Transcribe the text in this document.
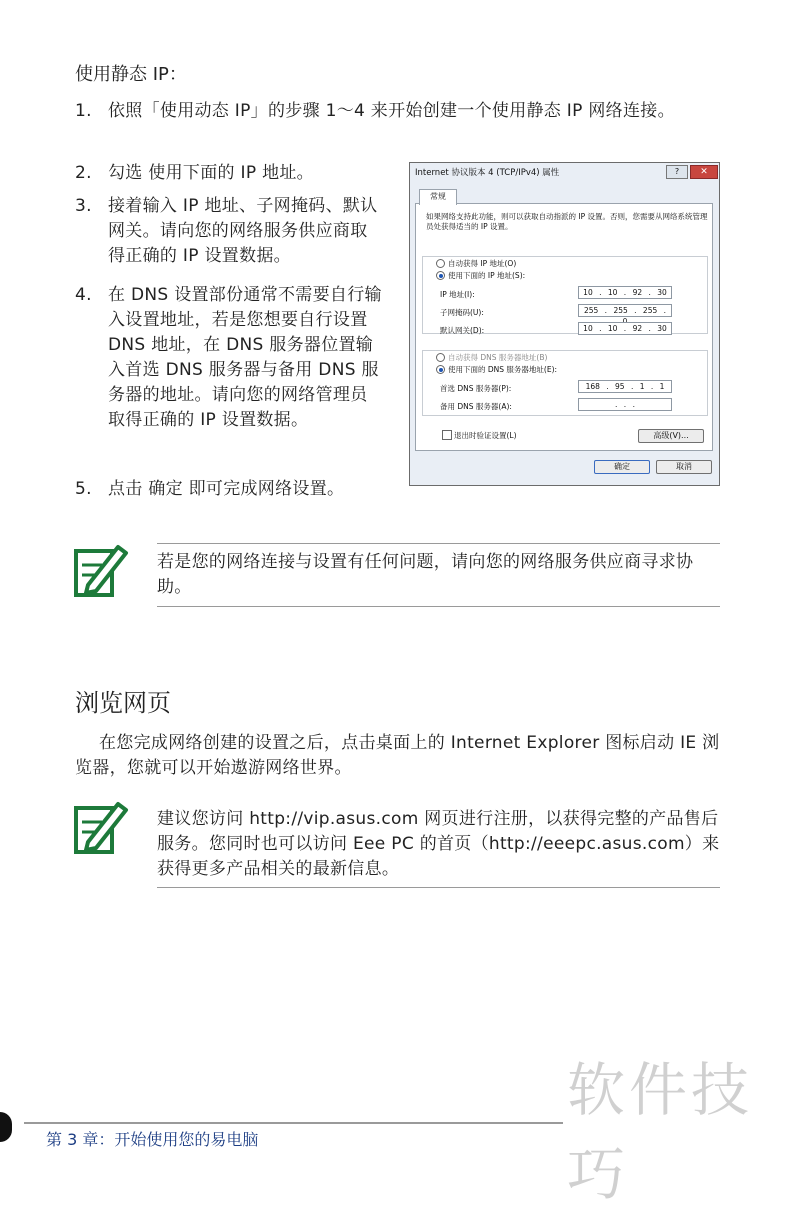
使用静态 IP：
1. 依照「使用动态 IP」的步骤 1～4 来开始创建一个使用静态 IP 网络连接。
2. 勾选 使用下面的 IP 地址。
3. 接着输入 IP 地址、子网掩码、默认网关。请向您的网络服务供应商取得正确的 IP 设置数据。
4. 在 DNS 设置部份通常不需要自行输入设置地址，若是您想要自行设置 DNS 地址，在 DNS 服务器位置输入首选 DNS 服务器与备用 DNS 服务器的地址。请向您的网络管理员取得正确的 IP 设置数据。
5. 点击 确定 即可完成网络设置。
Internet 协议版本 4 (TCP/IPv4) 属性	?	✕
如果网络支持此功能，则可以获取自动指派的 IP 设置。否则，您需要从网络系统管理员处获得适当的 IP 设置。
自动获得 IP 地址(O)
使用下面的 IP 地址(S):
IP 地址(I):	10 . 10 . 92 . 30
子网掩码(U):	255 . 255 . 255 .
默认网关(D):	10 . 10 . 92 . 30
自动获得 DNS 服务器地址(B)
使用下面的 DNS 服务器地址(E):
首选 DNS 服务器(P):	168 . 95 . 1 . 1
备用 DNS 服务器(A):	. . .
退出时验证设置(L)	高级(V)...
常规
确定	取消
若是您的网络连接与设置有任何问题，请向您的网络服务供应商寻求协助。
浏览网页
在您完成网络创建的设置之后，点击桌面上的 Internet Explorer 图标启动 IE 浏览器，您就可以开始遨游网络世界。
建议您访问 http://vip.asus.com 网页进行注册，以获得完整的产品售后服务。您同时也可以访问 Eee PC 的首页（http://eeepc.asus.com）来获得更多产品相关的最新信息。
软件技巧
第 3 章：开始使用您的易电脑
